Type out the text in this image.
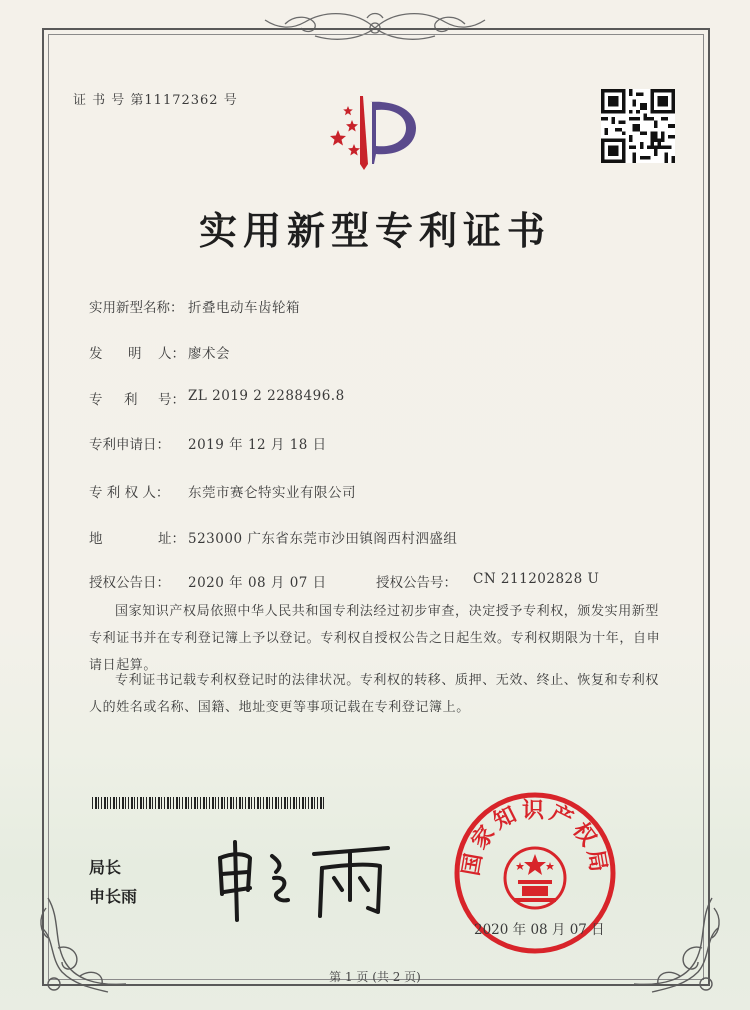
证 书 号 第11172362 号
实用新型专利证书
实用新型名称： 折叠电动车齿轮箱
发 明 人： 廖术会
专 利 号： ZL 2019 2 2288496.8
专利申请日： 2019 年 12 月 18 日
专 利 权 人： 东莞市赛仑特实业有限公司
地	址： 523000 广东省东莞市沙田镇阁西村泗盛组
授权公告日： 2020 年 08 月 07 日	授权公告号： CN 211202828 U
国家知识产权局依照中华人民共和国专利法经过初步审查，决定授予专利权，颁发实用新型专利证书并在专利登记簿上予以登记。专利权自授权公告之日起生效。专利权期限为十年，自申请日起算。
专利证书记载专利权登记时的法律状况。专利权的转移、质押、无效、终止、恢复和专利权人的姓名或名称、国籍、地址变更等事项记载在专利登记簿上。
局长
申长雨
国家知识产权局
2020 年 08 月 07 日
第 1 页 (共 2 页)
